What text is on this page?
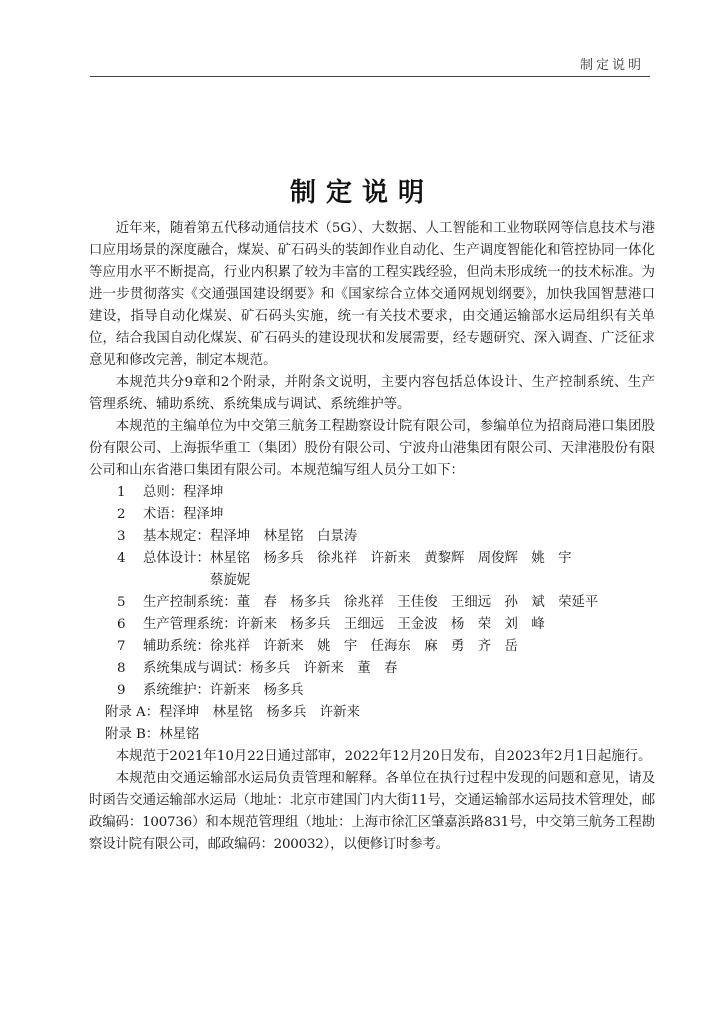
制定说明
制定说明

近年来，随着第五代移动通信技术（5G）、大数据、人工智能和工业物联网等信息技术与港口应用场景的深度融合，煤炭、矿石码头的装卸作业自动化、生产调度智能化和管控协同一体化等应用水平不断提高，行业内积累了较为丰富的工程实践经验，但尚未形成统一的技术标准。为进一步贯彻落实《交通强国建设纲要》和《国家综合立体交通网规划纲要》，加快我国智慧港口建设，指导自动化煤炭、矿石码头实施，统一有关技术要求，由交通运输部水运局组织有关单位，结合我国自动化煤炭、矿石码头的建设现状和发展需要，经专题研究、深入调查、广泛征求意见和修改完善，制定本规范。

本规范共分9章和2个附录，并附条文说明，主要内容包括总体设计、生产控制系统、生产管理系统、辅助系统、系统集成与调试、系统维护等。

本规范的主编单位为中交第三航务工程勘察设计院有限公司，参编单位为招商局港口集团股份有限公司、上海振华重工（集团）股份有限公司、宁波舟山港集团有限公司、天津港股份有限公司和山东省港口集团有限公司。本规范编写组人员分工如下：

1	总则： 程泽坤
2	术语： 程泽坤
3	基本规定： 程泽坤　林星铭　白景涛
4	总体设计： 林星铭　杨多兵　徐兆祥　许新来　黄黎辉　周俊辉　姚　宇
蔡旋妮
5	生产控制系统： 董　春　杨多兵　徐兆祥　王佳俊　王细远　孙　斌　荣延平
6	生产管理系统： 许新来　杨多兵　王细远　王金波　杨　荣　刘　峰
7	辅助系统： 徐兆祥　许新来　姚　宇　任海东　麻　勇　齐　岳
8	系统集成与调试： 杨多兵　许新来　董　春
9	系统维护： 许新来　杨多兵
附录 A：程泽坤　林星铭　杨多兵　许新来
附录 B：林星铭

本规范于2021年10月22日通过部审，2022年12月20日发布，自2023年2月1日起施行。

本规范由交通运输部水运局负责管理和解释。各单位在执行过程中发现的问题和意见，请及时函告交通运输部水运局（地址：北京市建国门内大街11号，交通运输部水运局技术管理处，邮政编码：100736）和本规范管理组（地址：上海市徐汇区肇嘉浜路831号，中交第三航务工程勘察设计院有限公司，邮政编码：200032），以便修订时参考。
